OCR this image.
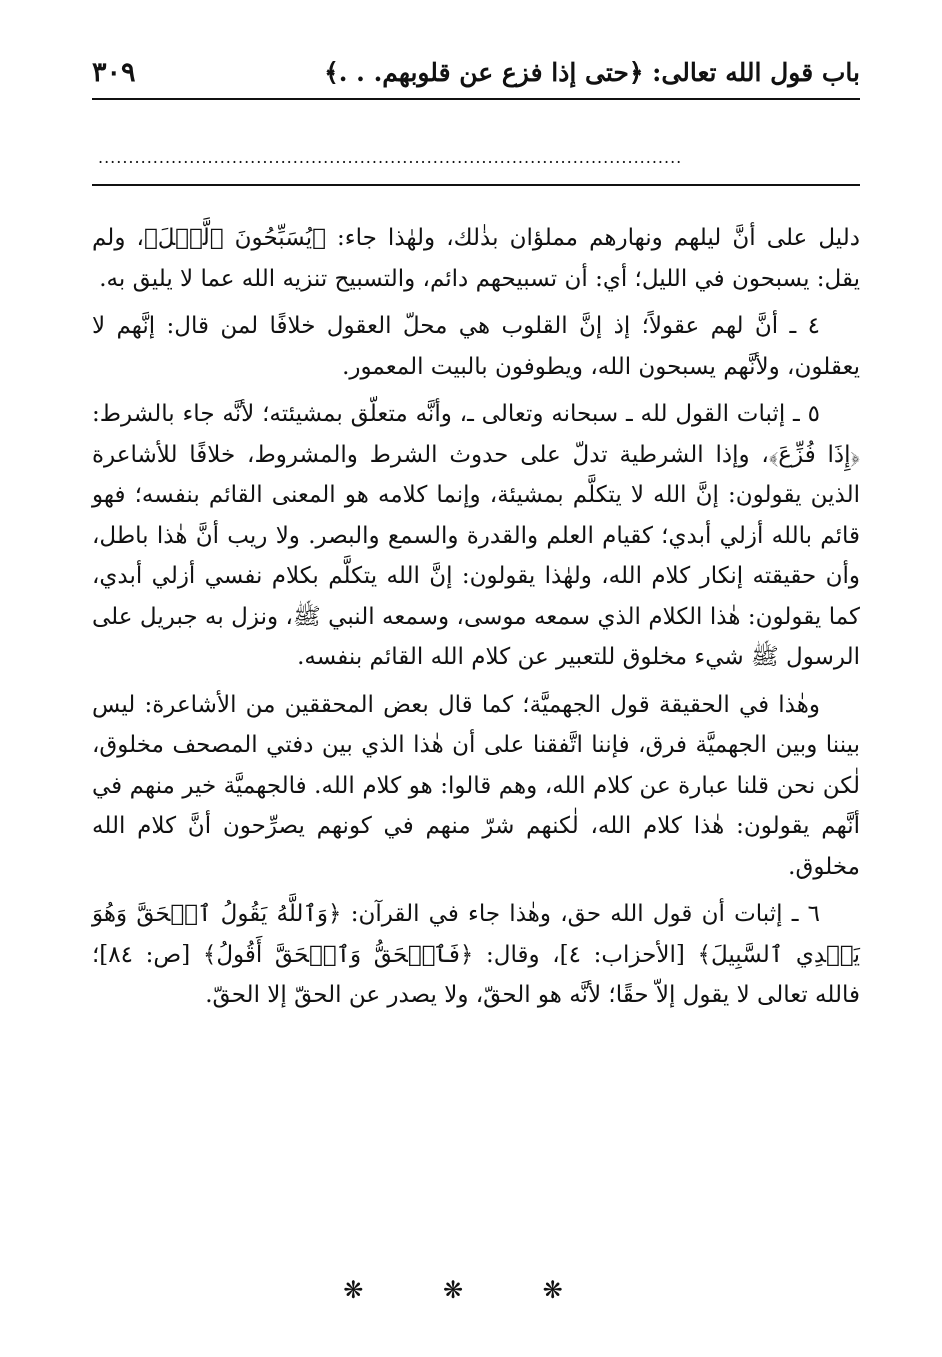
٣٠٩	باب قول الله تعالى: ﴿حتى إذا فزع عن قلوبهم. . .﴾
................................................................................................

دليل على أنَّ ليلهم ونهارهم مملؤان بذٰلك، ولهٰذا جاء: ﴿يُسَبِّحُونَ ٱلَّيۡلَ﴾، ولم يقل: يسبحون في الليل؛ أي: أن تسبيحهم دائم، والتسبيح تنزيه الله عما لا يليق به.

٤ ـ أنَّ لهم عقولاً؛ إذ إنَّ القلوب هي محلّ العقول خلافًا لمن قال: إنَّهم لا يعقلون، ولأنَّهم يسبحون الله، ويطوفون بالبيت المعمور.

٥ ـ إثبات القول لله ـ سبحانه وتعالى ـ، وأنَّه متعلّق بمشيئته؛ لأنَّه جاء بالشرط: ﴿إِذَا فُزِّعَ﴾، وإذا الشرطية تدلّ على حدوث الشرط والمشروط، خلافًا للأشاعرة الذين يقولون: إنَّ الله لا يتكلَّم بمشيئة، وإنما كلامه هو المعنى القائم بنفسه؛ فهو قائم بالله أزلي أبدي؛ كقيام العلم والقدرة والسمع والبصر. ولا ريب أنَّ هٰذا باطل، وأن حقيقته إنكار كلام الله، ولهٰذا يقولون: إنَّ الله يتكلَّم بكلام نفسي أزلي أبدي، كما يقولون: هٰذا الكلام الذي سمعه موسى، وسمعه النبي ﷺ، ونزل به جبريل على الرسول ﷺ شيء مخلوق للتعبير عن كلام الله القائم بنفسه.

وهٰذا في الحقيقة قول الجهميَّة؛ كما قال بعض المحققين من الأشاعرة: ليس بيننا وبين الجهميَّة فرق، فإننا اتَّفقنا على أن هٰذا الذي بين دفتي المصحف مخلوق، لٰكن نحن قلنا عبارة عن كلام الله، وهم قالوا: هو كلام الله. فالجهميَّة خير منهم في أنَّهم يقولون: هٰذا كلام الله، لٰكنهم شرّ منهم في كونهم يصرِّحون أنَّ كلام الله مخلوق.

٦ ـ إثبات أن قول الله حق، وهٰذا جاء في القرآن: ﴿وَٱللَّهُ يَقُولُ ٱلۡحَقَّ وَهُوَ يَهۡدِي ٱلسَّبِيلَ﴾ [الأحزاب: ٤]، وقال: ﴿فَٱلۡحَقُّ وَٱلۡحَقَّ أَقُولُ﴾ [ص: ٨٤]؛ فالله تعالى لا يقول إلاّ حقًا؛ لأنَّه هو الحقّ، ولا يصدر عن الحقّ إلا الحقّ.

❋ ❋ ❋
